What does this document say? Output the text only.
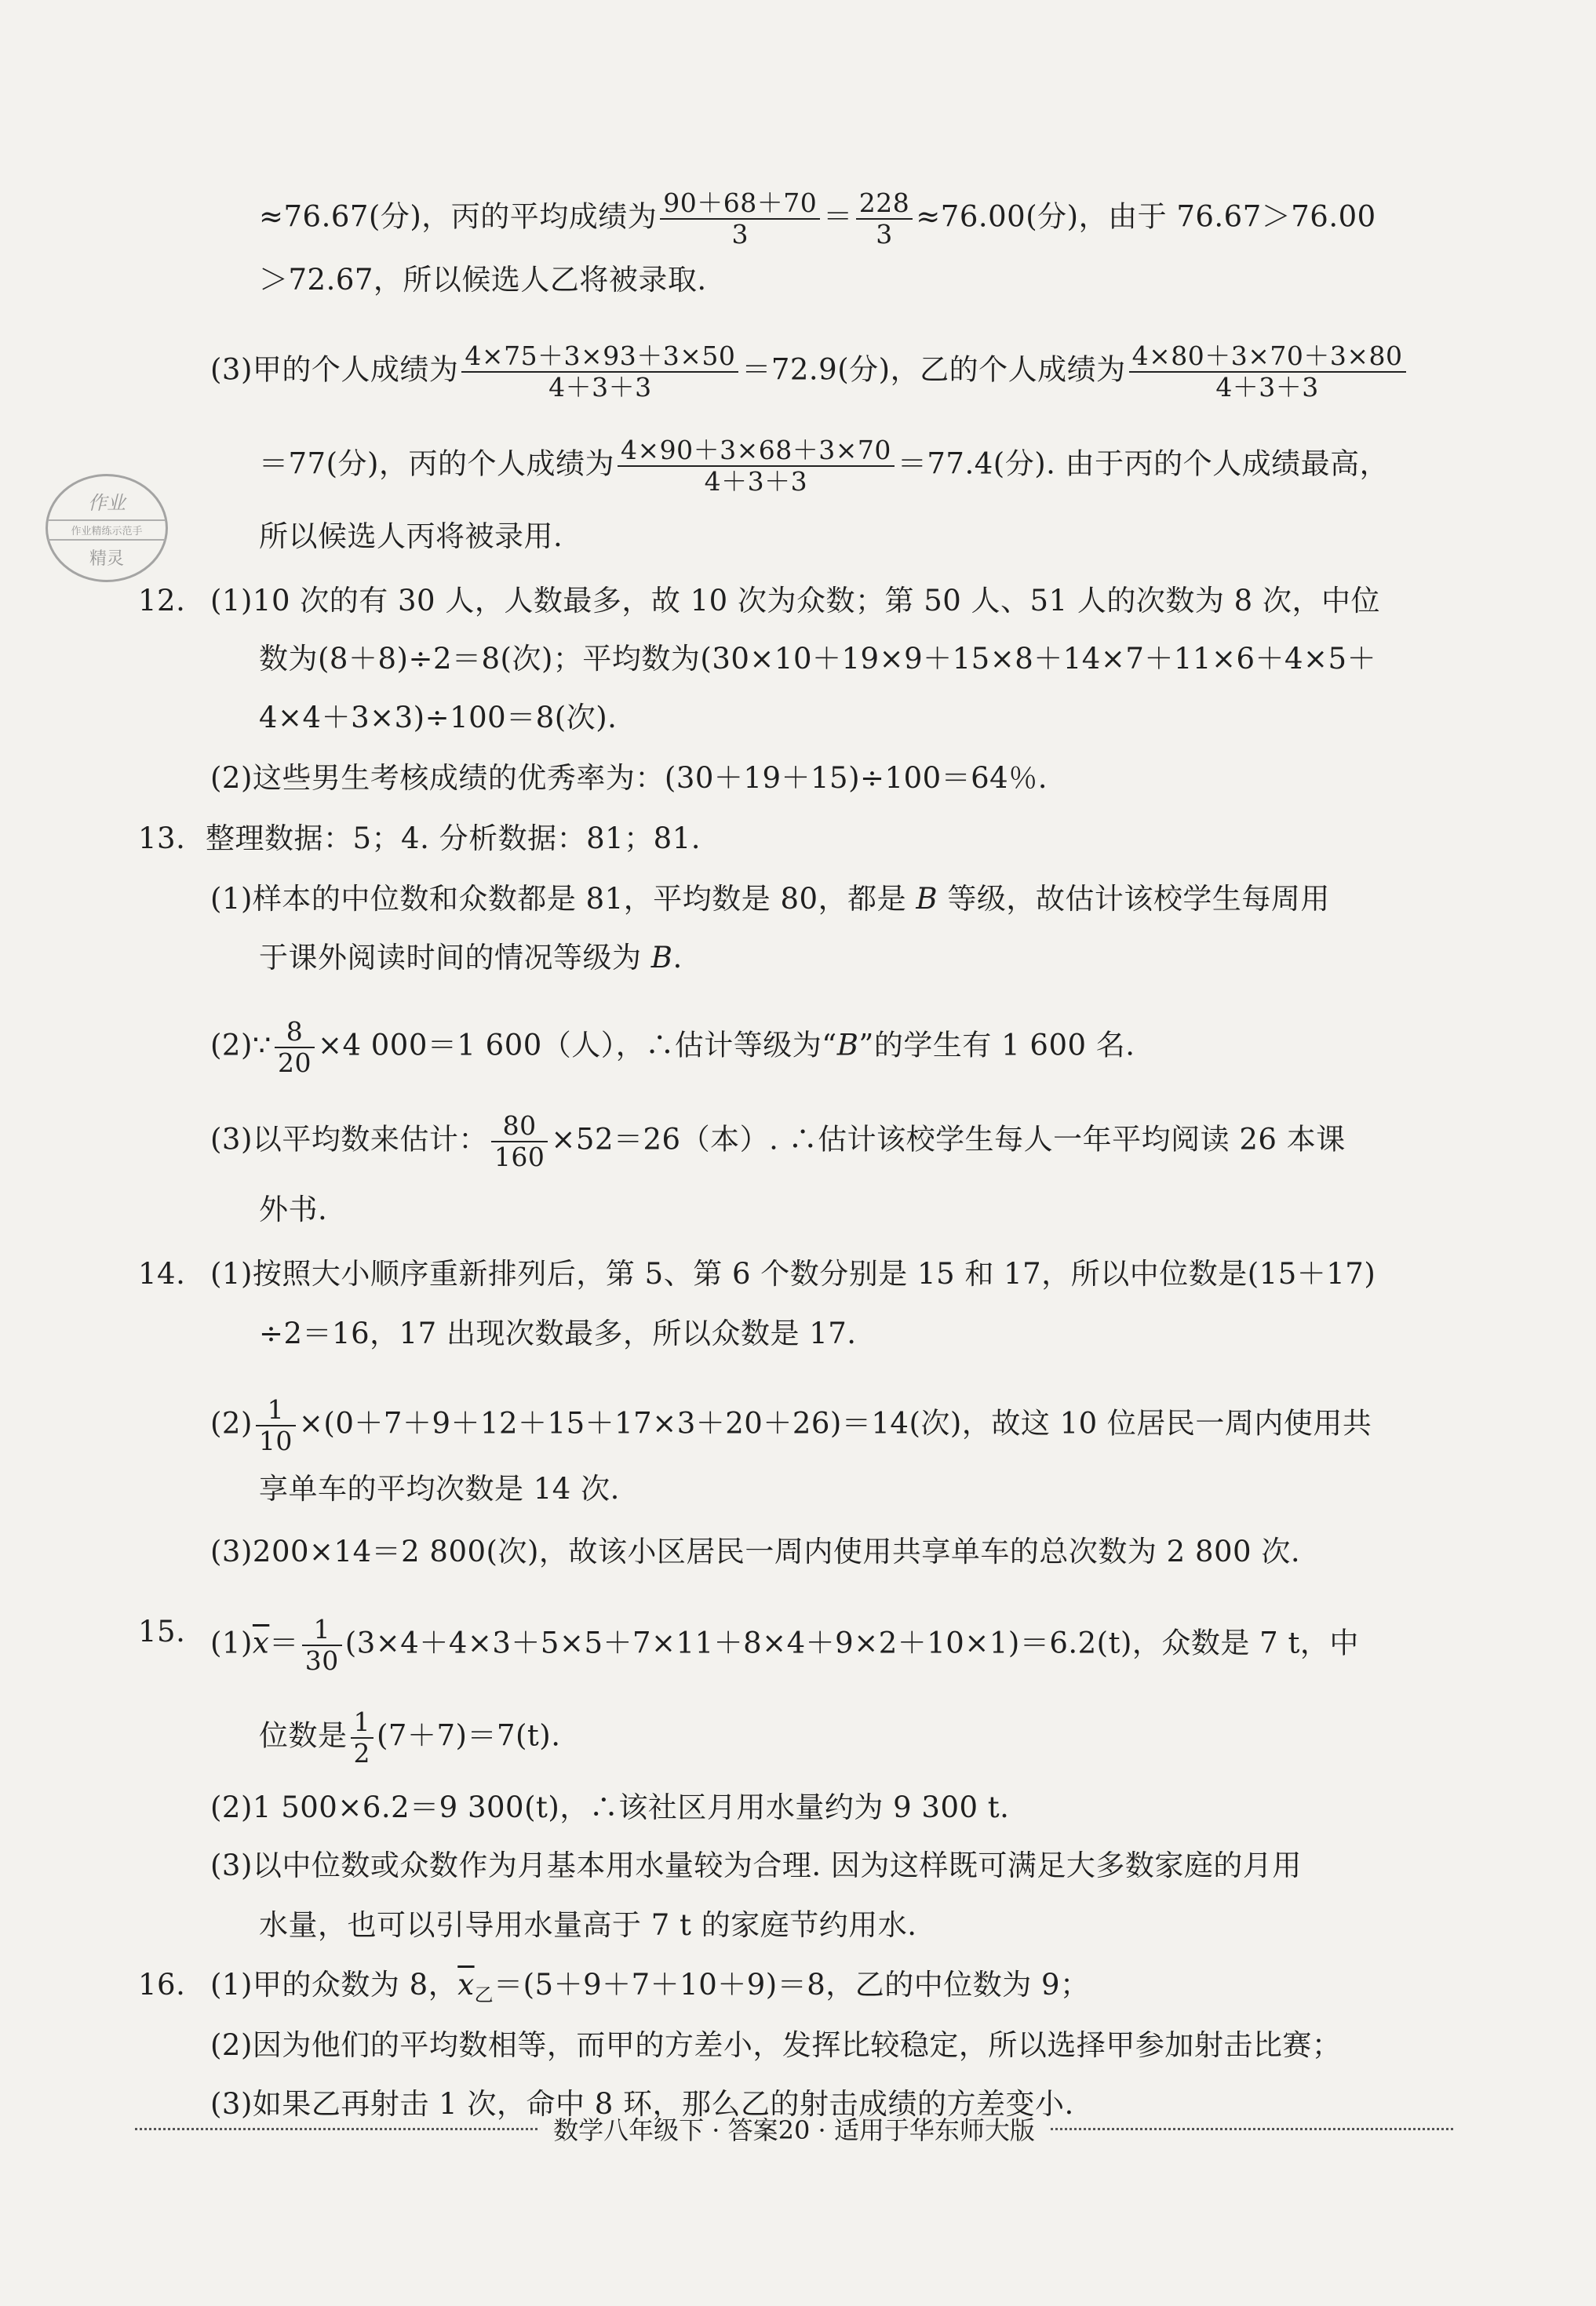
≈76.67(分)，丙的平均成绩为 $\frac{90+68+70}{3} = \frac{228}{3} \approx 76.00$(分)，由于 76.67＞76.00
＞72.67，所以候选人乙将被录取.
(3)甲的个人成绩为 $\frac{4\times 75+3\times 93+3\times 50}{4+3+3} =72.9$(分)，乙的个人成绩为 $\frac{4\times 80+3\times 70+3\times 80}{4+3+3}$
＝77(分)，丙的个人成绩为 $\frac{4\times 90+3\times 68+3\times 70}{4+3+3} =77.4$(分). 由于丙的个人成绩最高，
所以候选人丙将被录用.
12. (1)10 次的有 30 人，人数最多，故 10 次为众数；第 50 人、51 人的次数为 8 次，中位
数为(8＋8)÷2＝8(次)；平均数为(30×10＋19×9＋15×8＋14×7＋11×6＋4×5＋
4×4＋3×3)÷100＝8(次).
(2)这些男生考核成绩的优秀率为：(30＋19＋15)÷100＝64％.
13. 整理数据：5；4. 分析数据：81；81.
(1)样本的中位数和众数都是 81，平均数是 80，都是 B 等级，故估计该校学生每周用
于课外阅读时间的情况等级为 B.
(2)∵ $\frac{8}{20} \times 4$ 000＝1 600（人），∴估计等级为“B”的学生有 1 600 名.
(3)以平均数来估计： $\frac{80}{160} \times 52=26$（本）. ∴估计该校学生每人一年平均阅读 26 本课
外书.
14. (1)按照大小顺序重新排列后，第 5、第 6 个数分别是 15 和 17，所以中位数是(15＋17)
÷2＝16，17 出现次数最多，所以众数是 17.
$(2) \frac{1}{10} \times(0+7+9+12+15+17\times 3+20+26)=14$(次)，故这 10 位居民一周内使用共
享单车的平均次数是 14 次.
(3)200×14＝2 800(次)，故该小区居民一周内使用共享单车的总次数为 2 800 次.
15. $(1)\overline{x}= \frac{1}{30} (3\times 4+4\times 3+5\times 5+7\times 11+8\times 4+9\times 2+10\times 1)=6.2(t)$，众数是 7 t，中
位数是 $\frac{1}{2} (7+7)=7(t)$.
(2)1 500×6.2＝9 300(t)，∴该社区月用水量约为 9 300 t.
(3)以中位数或众数作为月基本用水量较为合理. 因为这样既可满足大多数家庭的月用
水量，也可以引导用水量高于 7 t 的家庭节约用水.
16. (1)甲的众数为 8，$\overline{x}_乙=(5+9+7+10+9)=8$，乙的中位数为 9；
(2)因为他们的平均数相等，而甲的方差小，发挥比较稳定，所以选择甲参加射击比赛；
(3)如果乙再射击 1 次，命中 8 环，那么乙的射击成绩的方差变小.
作业
作业精练示范手
精灵
数学八年级下 · 答案20 · 适用于华东师大版
